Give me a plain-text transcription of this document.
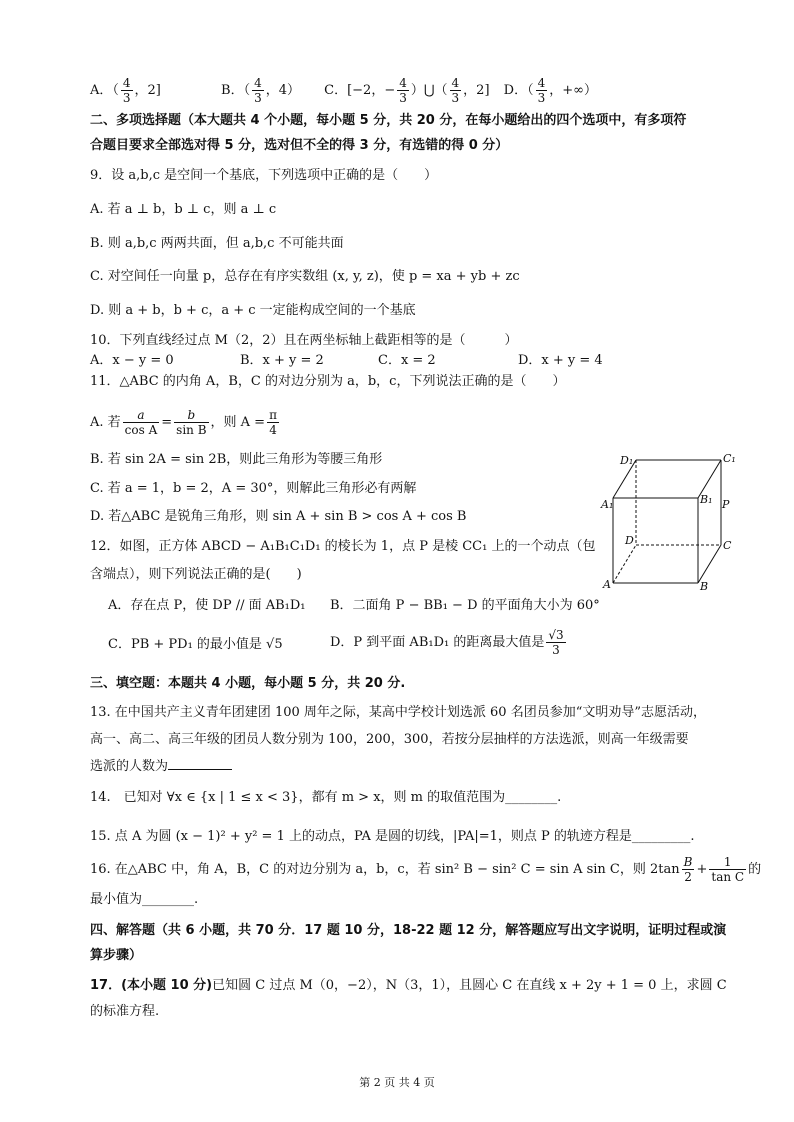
A．（ $\frac{4}{3}$ ，2]	B．（ $\frac{4}{3}$ ，4） C．[−2，− $\frac{4}{3}$ ）⋃（ $\frac{4}{3}$ ，2] D．（ $\frac{4}{3}$ ，+∞）
二、多项选择题（本大题共 4 个小题，每小题 5 分，共 20 分，在每小题给出的四个选项中，有多项符
合题目要求全部选对得 5 分，选对但不全的得 3 分，有选错的得 0 分）
9．设 a,b,c 是空间一个基底，下列选项中正确的是（　　）
A. 若 a ⊥ b，b ⊥ c，则 a ⊥ c
B. 则 a,b,c 两两共面，但 a,b,c 不可能共面
C. 对空间任一向量 p，总存在有序实数组 (x, y, z)，使 p = xa + yb + zc
D. 则 a + b，b + c，a + c 一定能构成空间的一个基底
10．下列直线经过点 M（2，2）且在两坐标轴上截距相等的是（　　　）
A．x − y = 0	B．x + y = 2	C．x = 2	D．x + y = 4
11．△ABC 的内角 A，B，C 的对边分别为 a，b，c，下列说法正确的是（　　）
A. 若 $\frac{a}{\text{cos A}} = \frac{b}{\text{sin B}}$ ，则 $A = \frac{\pi}{4}$
B. 若 sin 2A = sin 2B，则此三角形为等腰三角形
C. 若 a = 1，b = 2，A = 30°，则解此三角形必有两解
D. 若△ABC 是锐角三角形，则 sin A + sin B > cos A + cos B
12．如图，正方体 ABCD − A₁B₁C₁D₁ 的棱长为 1，点 P 是棱 CC₁ 上的一个动点（包
含端点），则下列说法正确的是(　　)
A．存在点 P，使 DP // 面 AB₁D₁ B．二面角 P − BB₁ − D 的平面角大小为 60°
C．PB + PD₁ 的最小值是 √5	D．P 到平面 AB₁D₁ 的距离最大值是 $\frac{√3}{3}$
D₁	C₁
A₁	B₁ P
D	C
A	B
三、填空题：本题共 4 小题，每小题 5 分，共 20 分.
13. 在中国共产主义青年团建团 100 周年之际，某高中学校计划选派 60 名团员参加“文明劝导”志愿活动，
高一、高二、高三年级的团员人数分别为 100，200，300，若按分层抽样的方法选派，则高一年级需要
选派的人数为
14.　已知对 ∀x ∈ {x | 1 ≤ x < 3}，都有 m > x，则 m 的取值范围为________.
15. 点 A 为圆 (x − 1)² + y² = 1 上的动点，PA 是圆的切线，|PA|=1，则点 P 的轨迹方程是_________.
16. 在△ABC 中，角 A，B，C 的对边分别为 a，b，c，若 sin² B − sin² C = sin A sin C，则 $2\tan \frac{B}{2} + \frac{1}{\text{tan C}}$ 的
最小值为________.
四、解答题（共 6 小题，共 70 分．17 题 10 分，18-22 题 12 分，解答题应写出文字说明，证明过程或演
算步骤）
17．(本小题 10 分)已知圆 C 过点 M（0，−2），N（3，1），且圆心 C 在直线 x + 2y + 1 = 0 上，求圆 C
的标准方程.
第 2 页 共 4 页
